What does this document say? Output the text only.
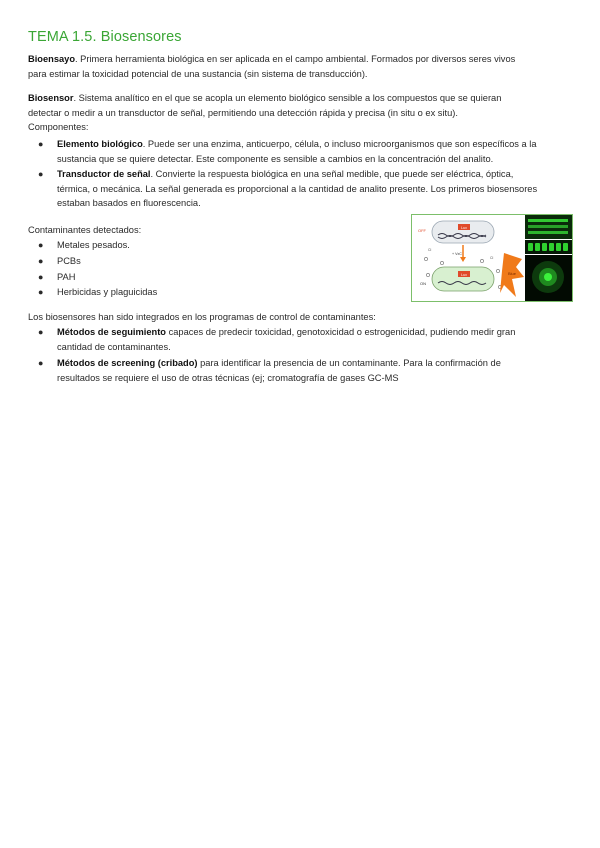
TEMA 1.5. Biosensores
Bioensayo. Primera herramienta biológica en ser aplicada en el campo ambiental. Formados por diversos seres vivos
para estimar la toxicidad potencial de una sustancia (sin sistema de transducción).
Biosensor. Sistema analítico en el que se acopla un elemento biológico sensible a los compuestos que se quieran
detectar o medir a un transductor de señal, permitiendo una detección rápida y precisa (in situ o ex situ).
Componentes:
● Elemento biológico. Puede ser una enzima, anticuerpo, célula, o incluso microorganismos que son específicos a la
sustancia que se quiere detectar. Este componente es sensible a cambios en la concentración del analito.
● Transductor de señal. Convierte la respuesta biológica en una señal medible, que puede ser eléctrica, óptica,
térmica, o mecánica. La señal generada es proporcional a la cantidad de analito presente. Los primeros biosensores
estaban basados en fluorescencia.
Contaminantes detectados:
● Metales pesados.
● PCBs
● PAH
● Herbicidas y plaguicidas
Lux
OFF
+ VxC
Lux
ON
Cl
Cl
Blue
Los biosensores han sido integrados en los programas de control de contaminantes:
● Métodos de seguimiento capaces de predecir toxicidad, genotoxicidad o estrogenicidad, pudiendo medir gran
cantidad de contaminantes.
● Métodos de screening (cribado) para identificar la presencia de un contaminante. Para la confirmación de
resultados se requiere el uso de otras técnicas (ej; cromatografía de gases GC-MS
